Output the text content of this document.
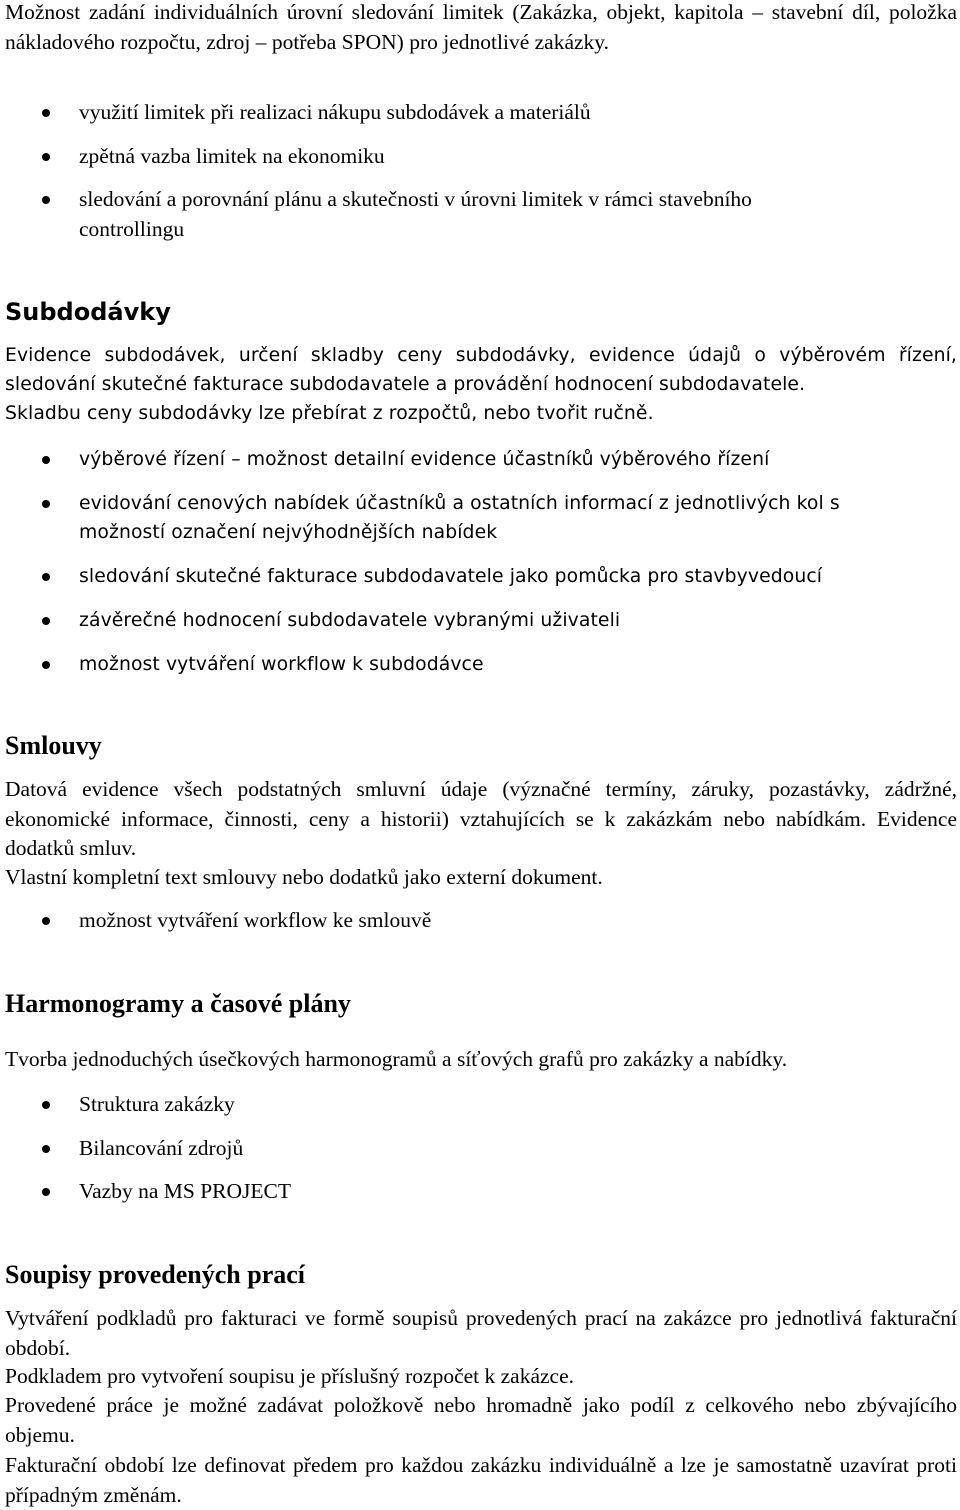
Možnost zadání individuálních úrovní sledování limitek (Zakázka, objekt, kapitola – stavební díl, položka nákladového rozpočtu, zdroj – potřeba SPON) pro jednotlivé zakázky.

využití limitek při realizaci nákupu subdodávek a materiálů
zpětná vazba limitek na ekonomiku
sledování a porovnání plánu a skutečnosti v úrovni limitek v rámci stavebního controllingu
Subdodávky

Evidence subdodávek, určení skladby ceny subdodávky, evidence údajů o výběrovém řízení, sledování skutečné fakturace subdodavatele a provádění hodnocení subdodavatele.

Skladbu ceny subdodávky lze přebírat z rozpočtů, nebo tvořit ručně.

výběrové řízení – možnost detailní evidence účastníků výběrového řízení
evidování cenových nabídek účastníků a ostatních informací z jednotlivých kol s možností označení nejvýhodnějších nabídek
sledování skutečné fakturace subdodavatele jako pomůcka pro stavbyvedoucí
závěrečné hodnocení subdodavatele vybranými uživateli
možnost vytváření workflow k subdodávce
Smlouvy

Datová evidence všech podstatných smluvní údaje (význačné termíny, záruky, pozastávky, zádržné, ekonomické informace, činnosti, ceny a historii) vztahujících se k zakázkám nebo nabídkám. Evidence dodatků smluv.

Vlastní kompletní text smlouvy nebo dodatků jako externí dokument.

možnost vytváření workflow ke smlouvě
Harmonogramy a časové plány

Tvorba jednoduchých úsečkových harmonogramů a síťových grafů pro zakázky a nabídky.

Struktura zakázky
Bilancování zdrojů
Vazby na MS PROJECT
Soupisy provedených prací

Vytváření podkladů pro fakturaci ve formě soupisů provedených prací na zakázce pro jednotlivá fakturační období.

Podkladem pro vytvoření soupisu je příslušný rozpočet k zakázce.

Provedené práce je možné zadávat položkově nebo hromadně jako podíl z celkového nebo zbývajícího objemu.

Fakturační období lze definovat předem pro každou zakázku individuálně a lze je samostatně uzavírat proti případným změnám.
